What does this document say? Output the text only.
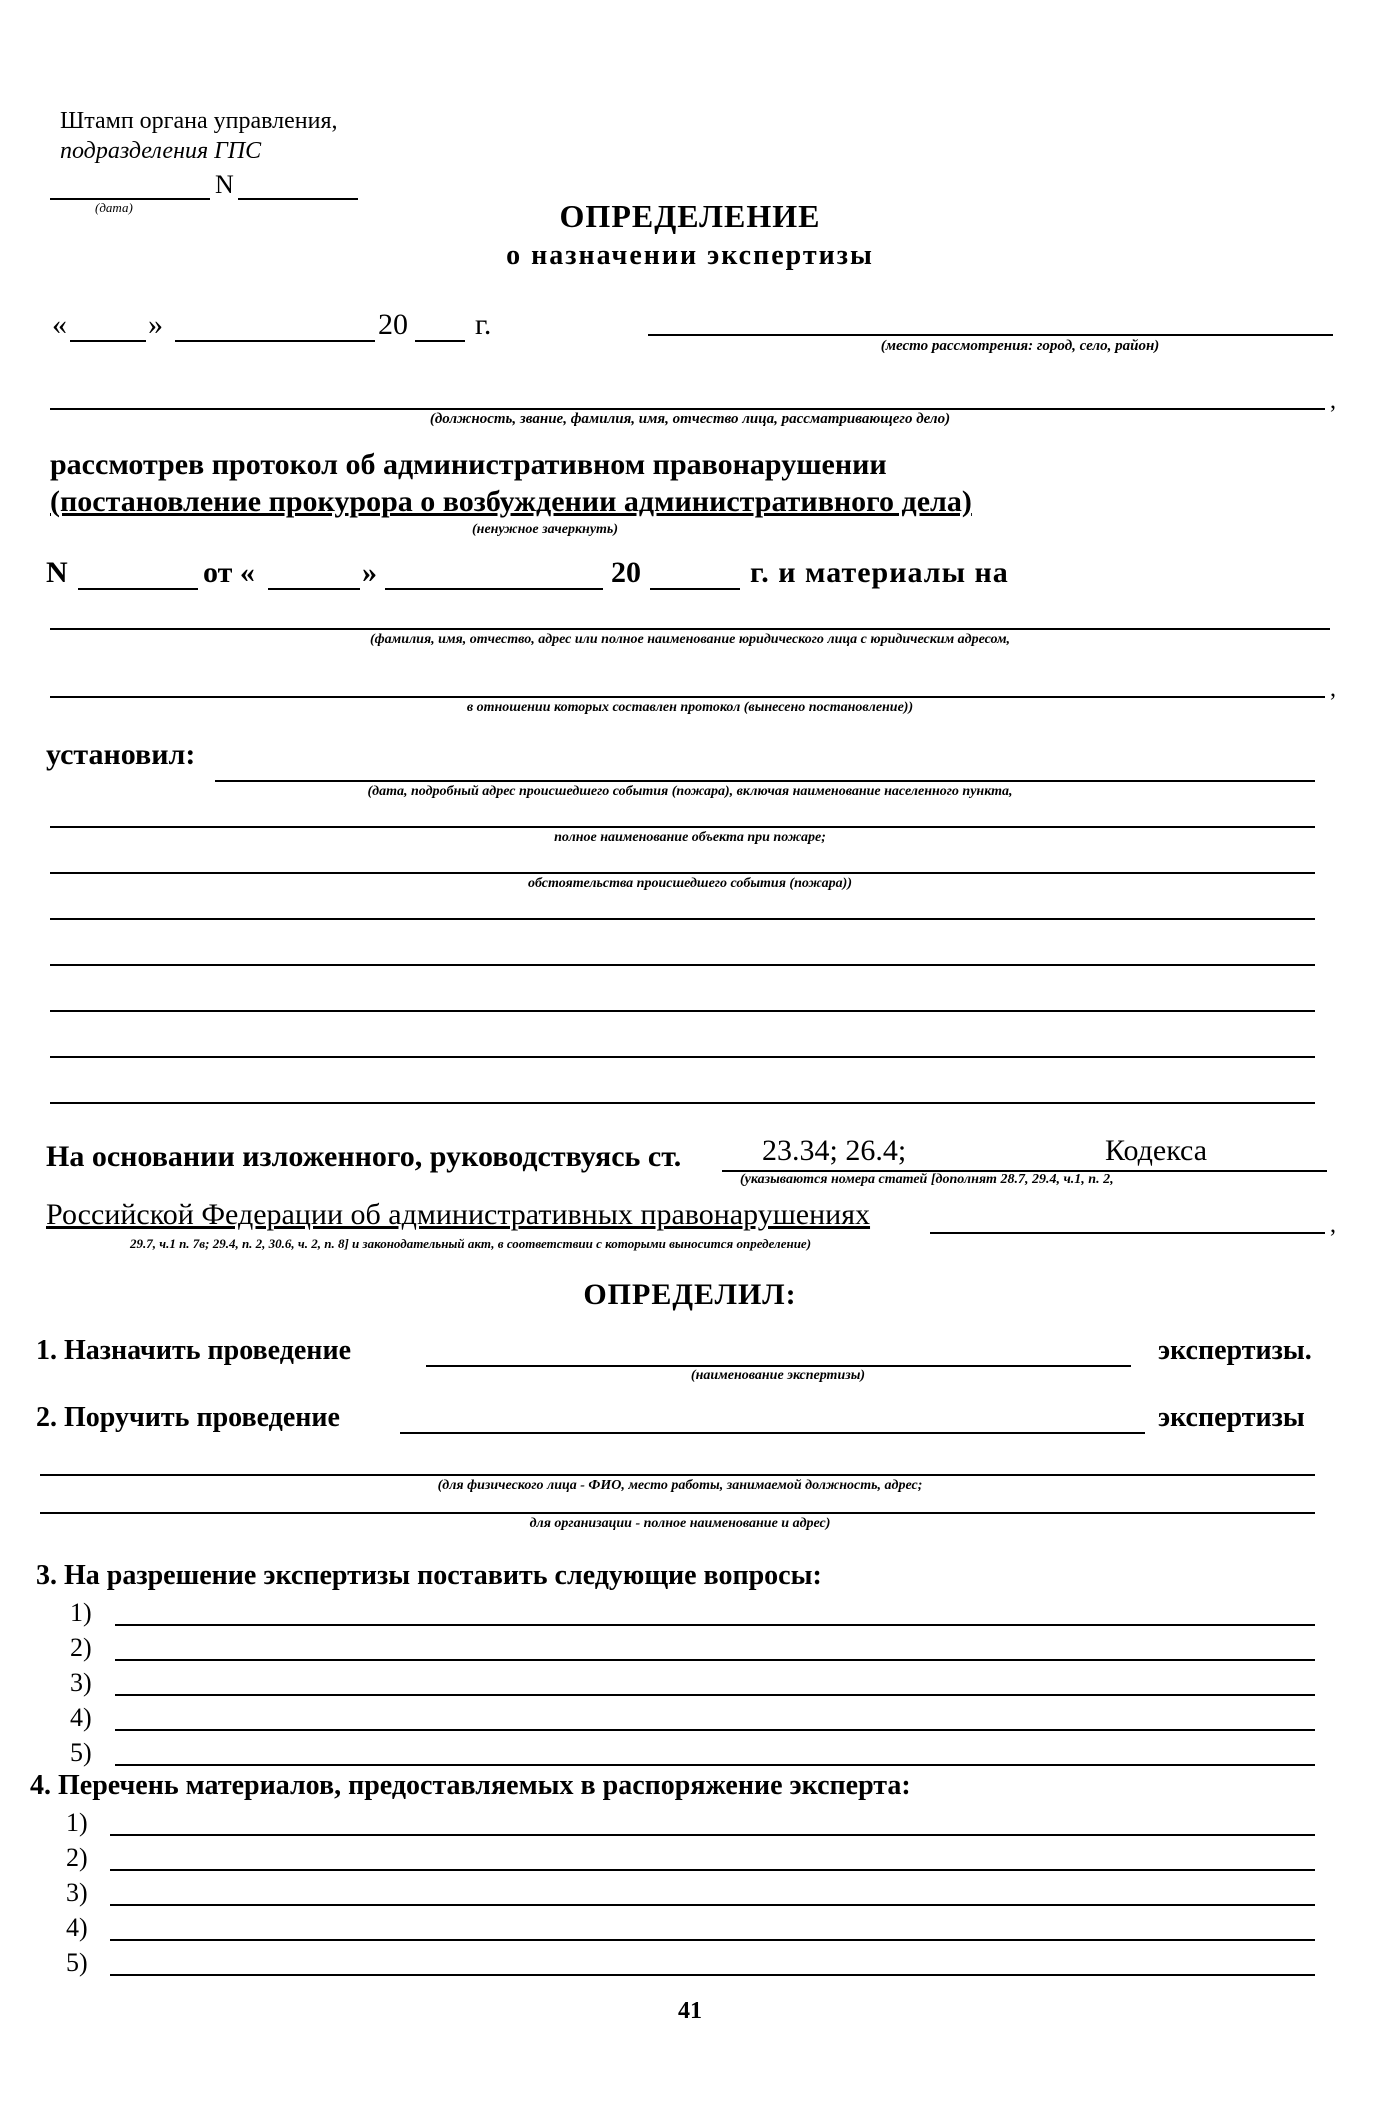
Штамп органа управления,
подразделения ГПС
N
(дата)	ОПРЕДЕЛЕНИЕ
о назначении экспертизы
«	»	20 г.
(место рассмотрения: город, село, район)
,
(должность, звание, фамилия, имя, отчество лица, рассматривающего дело)
рассмотрев протокол об административном правонарушении
(постановление прокурора о возбуждении административного дела)
(ненужное зачеркнуть)
N	от «	»	20	г. и материалы на
(фамилия, имя, отчество, адрес или полное наименование юридического лица с юридическим адресом,
,
в отношении которых составлен протокол (вынесено постановление))
установил:
(дата, подробный адрес происшедшего события (пожара), включая наименование населенного пункта,
полное наименование объекта при пожаре;
обстоятельства происшедшего события (пожара))
На основании изложенного, руководствуясь ст.	23.34; 26.4;	Кодекса
(указываются номера статей [дополнят 28.7, 29.4, ч.1, п. 2,
Российской Федерации об административных правонарушениях	,
29.7, ч.1 п. 7в; 29.4, п. 2, 30.6, ч. 2, п. 8] и законодательный акт, в соответствии с которыми выносится определение)
ОПРЕДЕЛИЛ:
1. Назначить проведение	экспертизы.
(наименование экспертизы)
2. Поручить проведение	экспертизы
(для физического лица - ФИО, место работы, занимаемой должность, адрес;
для организации - полное наименование и адрес)
3. На разрешение экспертизы поставить следующие вопросы:
1)
2)
3)
4)
5)
4. Перечень материалов, предоставляемых в распоряжение эксперта:
1)
2)
3)
4)
5)
41
